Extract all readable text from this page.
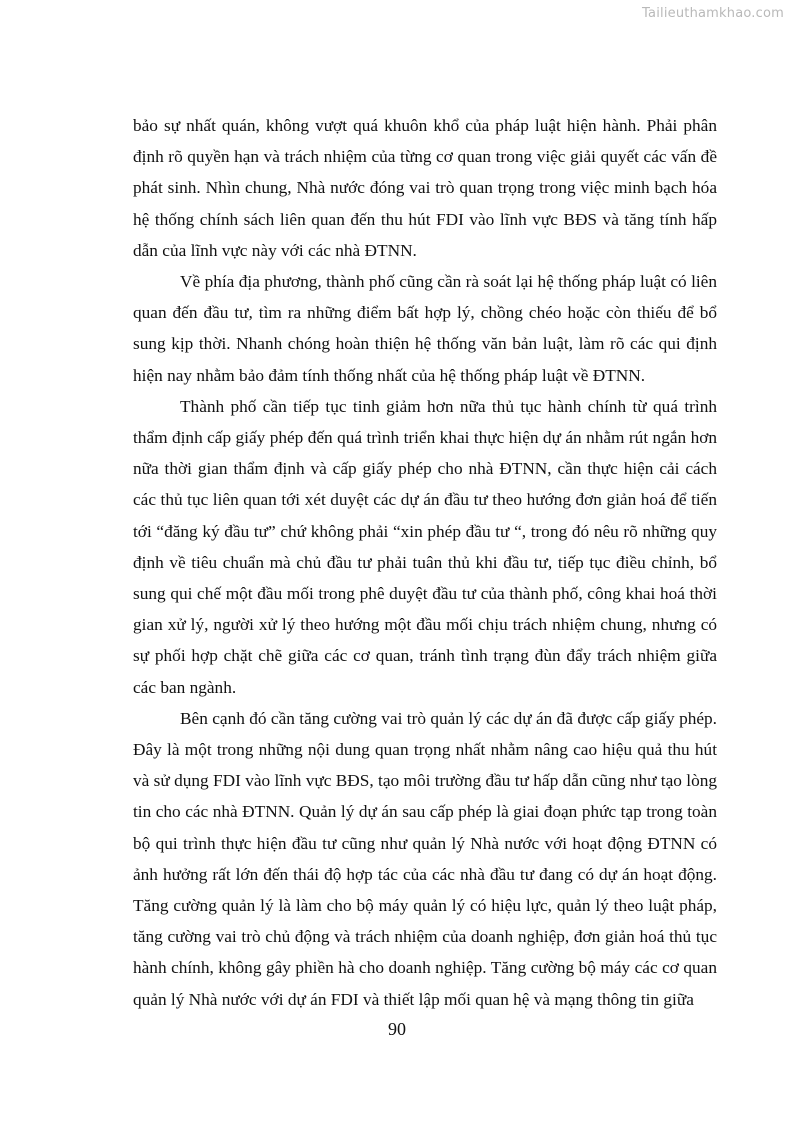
Tailieuthamkhao.com

bảo sự nhất quán, không vượt quá khuôn khổ của pháp luật hiện hành. Phải phân định rõ quyền hạn và trách nhiệm của từng cơ quan trong việc giải quyết các vấn đề phát sinh. Nhìn chung, Nhà nước đóng vai trò quan trọng trong việc minh bạch hóa hệ thống chính sách liên quan đến thu hút FDI vào lĩnh vực BĐS và tăng tính hấp dẫn của lĩnh vực này với các nhà ĐTNN.

Về phía địa phương, thành phố cũng cần rà soát lại hệ thống pháp luật có liên quan đến đầu tư, tìm ra những điểm bất hợp lý, chồng chéo hoặc còn thiếu để bổ sung kịp thời. Nhanh chóng hoàn thiện hệ thống văn bản luật, làm rõ các qui định hiện nay nhằm bảo đảm tính thống nhất của hệ thống pháp luật về ĐTNN.

Thành phố cần tiếp tục tinh giảm hơn nữa thủ tục hành chính từ quá trình thẩm định cấp giấy phép đến quá trình triển khai thực hiện dự án nhằm rút ngắn hơn nữa thời gian thẩm định và cấp giấy phép cho nhà ĐTNN, cần thực hiện cải cách các thủ tục liên quan tới xét duyệt các dự án đầu tư theo hướng đơn giản hoá để tiến tới “đăng ký đầu tư” chứ không phải “xin phép đầu tư “, trong đó nêu rõ những quy định về tiêu chuẩn mà chủ đầu tư phải tuân thủ khi đầu tư, tiếp tục điều chỉnh, bổ sung qui chế một đầu mối trong phê duyệt đầu tư của thành phố, công khai hoá thời gian xử lý, người xử lý theo hướng một đầu mối chịu trách nhiệm chung, nhưng có sự phối hợp chặt chẽ giữa các cơ quan, tránh tình trạng đùn đẩy trách nhiệm giữa các ban ngành.

Bên cạnh đó cần tăng cường vai trò quản lý các dự án đã được cấp giấy phép. Đây là một trong những nội dung quan trọng nhất nhằm nâng cao hiệu quả thu hút và sử dụng FDI vào lĩnh vực BĐS, tạo môi trường đầu tư hấp dẫn cũng như tạo lòng tin cho các nhà ĐTNN. Quản lý dự án sau cấp phép là giai đoạn phức tạp trong toàn bộ qui trình thực hiện đầu tư cũng như quản lý Nhà nước với hoạt động ĐTNN có ảnh hưởng rất lớn đến thái độ hợp tác của các nhà đầu tư đang có dự án hoạt động. Tăng cường quản lý là làm cho bộ máy quản lý có hiệu lực, quản lý theo luật pháp, tăng cường vai trò chủ động và trách nhiệm của doanh nghiệp, đơn giản hoá thủ tục hành chính, không gây phiền hà cho doanh nghiệp. Tăng cường bộ máy các cơ quan quản lý Nhà nước với dự án FDI và thiết lập mối quan hệ và mạng thông tin giữa

90
